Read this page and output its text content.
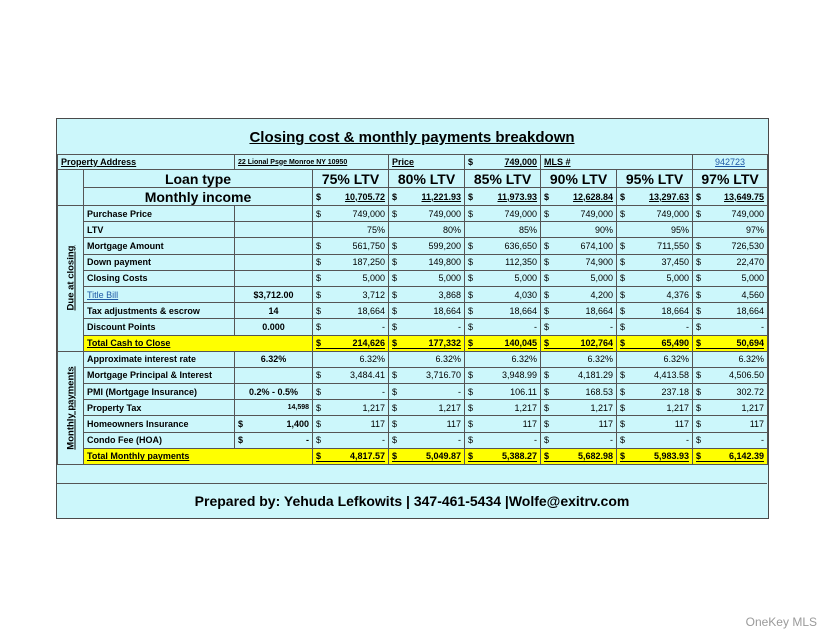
Closing cost & monthly payments breakdown
Property Address		22 Lional Psge Monroe NY 10950		Price	$ 749,000	MLS #		942723
	Loan type		75% LTV	80% LTV	85% LTV	90% LTV	95% LTV	97% LTV
	Monthly income		$ 10,705.72	$ 11,221.93	$ 11,973.93	$ 12,628.84	$ 13,297.63	$ 13,649.75

Due at closing	Purchase Price		$ 749,000	$ 749,000	$ 749,000	$ 749,000	$ 749,000	$ 749,000

	LTV		75%	80%	85%	90%	95%	97%

	Mortgage Amount		$ 561,750	$ 599,200	$ 636,650	$ 674,100	$ 711,550	$ 726,530

	Down payment		$ 187,250	$ 149,800	$ 112,350	$ 74,900	$ 37,450	$ 22,470

	Closing Costs		$ 5,000	$ 5,000	$ 5,000	$ 5,000	$ 5,000	$ 5,000

	Title Bill	$3,712.00	$ 3,712	$ 3,868	$ 4,030	$ 4,200	$ 4,376	$ 4,560

	Tax adjustments & escrow	14	$ 18,664	$ 18,664	$ 18,664	$ 18,664	$ 18,664	$ 18,664

	Discount Points	0.000	$ -	$ -	$ -	$ -	$ -	$ -

	Total Cash to Close		$ 214,626	$ 177,332	$ 140,045	$ 102,764	$ 65,490	$ 50,694

Monthly payments	Approximate interest rate	6.32%	6.32%	6.32%	6.32%	6.32%	6.32%	6.32%

	Mortgage Principal & Interest		$ 3,484.41	$ 3,716.70	$ 3,948.99	$ 4,181.29	$ 4,413.58	$ 4,506.50

	PMI (Mortgage Insurance)	0.2% - 0.5%	$ -	$ -	$ 106.11	$ 168.53	$ 237.18	$ 302.72

	Property Tax	14,598	$ 1,217	$ 1,217	$ 1,217	$ 1,217	$ 1,217	$ 1,217

	Homeowners Insurance	$ 1,400	$ 117	$ 117	$ 117	$ 117	$ 117	$ 117

	Condo Fee (HOA)	$ -	$ -	$ -	$ -	$ -	$ -	$ -

	Total Monthly payments		$ 4,817.57	$ 5,049.87	$ 5,388.27	$ 5,682.98	$ 5,983.93	$ 6,142.39
Prepared by: Yehuda Lefkowits | 347-461-5434 |Wolfe@exitrv.com
OneKey MLS
